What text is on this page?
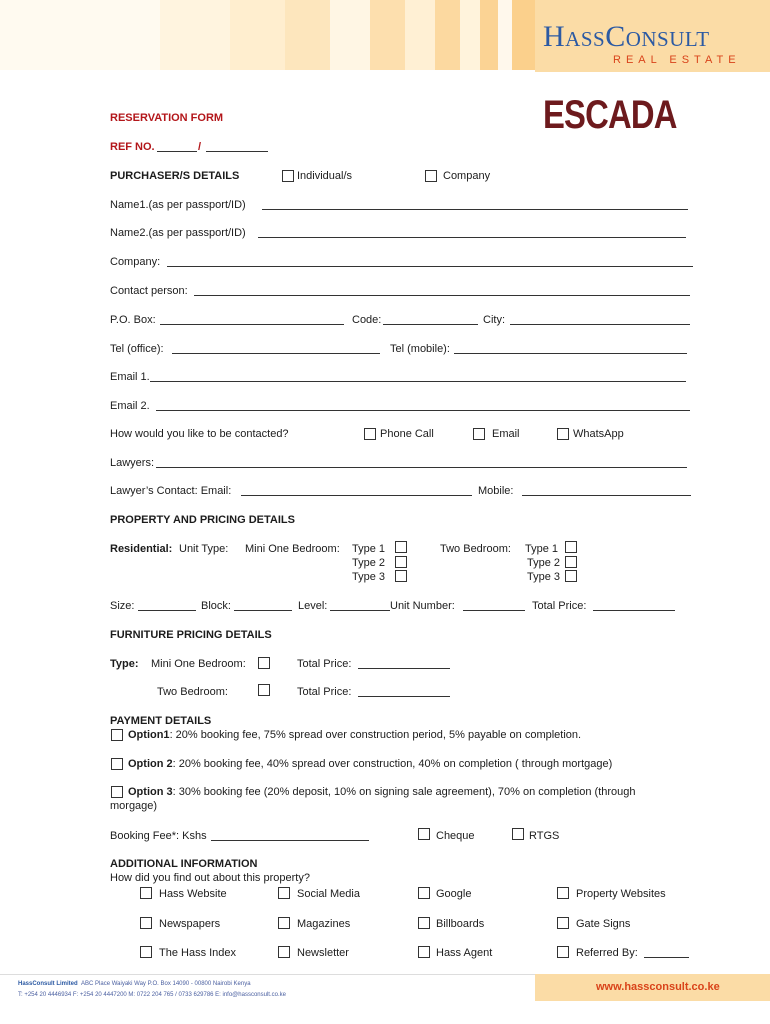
HassConsult
REAL ESTATE
ESCADA
RESERVATION FORM
REF NO.	/
PURCHASER/S DETAILS	Individual/s	Company
Name1.(as per passport/ID)
Name2.(as per passport/ID)
Company:
Contact person:
P.O. Box:	Code:	City:
Tel (office):	Tel (mobile):
Email 1.
Email 2.
How would you like to be contacted?	Phone Call	Email	WhatsApp
Lawyers:
Lawyer’s Contact: Email:	Mobile:
PROPERTY AND PRICING DETAILS
Residential: Unit Type: Mini One Bedroom: Type 1
Type 2
Type 3
Two Bedroom: Type 1
Type 2
Type 3
Size:	Block:	Level:	Unit Number:	Total Price:
FURNITURE PRICING DETAILS
Type: Mini One Bedroom:	Total Price:
Two Bedroom:	Total Price:
PAYMENT DETAILS
Option1: 20% booking fee, 75% spread over construction period, 5% payable on completion.
Option 2: 20% booking fee, 40% spread over construction, 40% on completion ( through mortgage)
Option 3: 30% booking fee (20% deposit, 10% on signing sale agreement), 70% on completion (through
morgage)
Booking Fee*: Kshs	Cheque	RTGS
ADDITIONAL INFORMATION
How did you find out about this property?
Hass Website	Social Media	Google	Property Websites
Newspapers	Magazines	Billboards	Gate Signs
The Hass Index	Newsletter	Hass Agent	Referred By:
HassConsult Limited ABC Place Waiyaki Way P.O. Box 14090 - 00800 Nairobi Kenya
T: +254 20 4446934 F: +254 20 4447200 M: 0722 204 765 / 0733 629786 E: info@hassconsult.co.ke
www.hassconsult.co.ke
